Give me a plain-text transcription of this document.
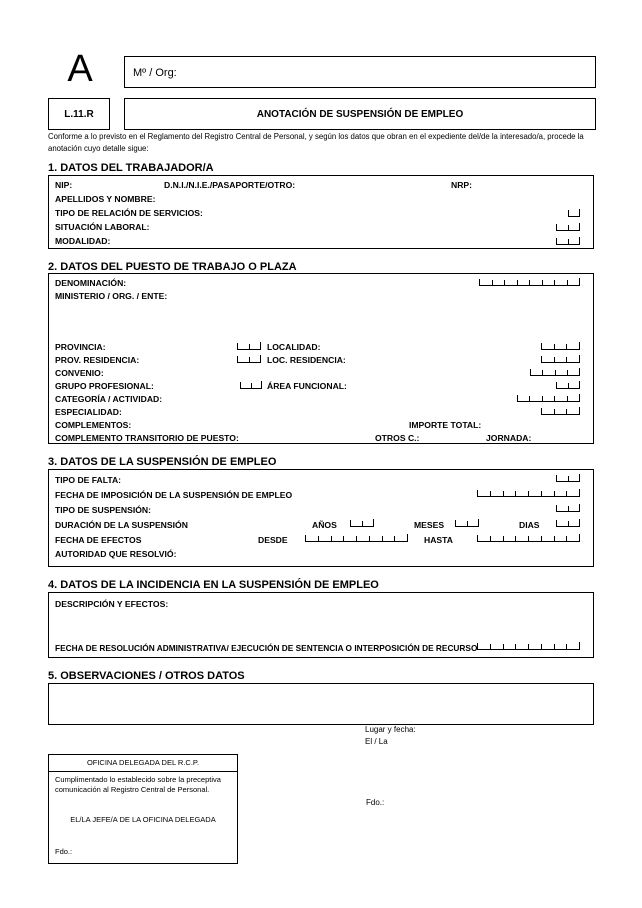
A	Mº / Org:
L.11.R	ANOTACIÓN DE SUSPENSIÓN DE EMPLEO
Conforme a lo previsto en el Reglamento del Registro Central de Personal, y según los datos que obran en el expediente del/de la interesado/a, procede la
anotación cuyo detalle sigue:
1. DATOS DEL TRABAJADOR/A
NIP:	D.N.I./N.I.E./PASAPORTE/OTRO:	NRP:
APELLIDOS Y NOMBRE:
TIPO DE RELACIÓN DE SERVICIOS:
SITUACIÓN LABORAL:
MODALIDAD:
2. DATOS DEL PUESTO DE TRABAJO O PLAZA
DENOMINACIÓN:
MINISTERIO / ORG. / ENTE:
PROVINCIA:	LOCALIDAD:
PROV. RESIDENCIA:	LOC. RESIDENCIA:
CONVENIO:
GRUPO PROFESIONAL:	ÁREA FUNCIONAL:
CATEGORÍA / ACTIVIDAD:
ESPECIALIDAD:
COMPLEMENTOS:	IMPORTE TOTAL:
COMPLEMENTO TRANSITORIO DE PUESTO:	OTROS C.:	JORNADA:
3. DATOS DE LA SUSPENSIÓN DE EMPLEO
TIPO DE FALTA:
FECHA DE IMPOSICIÓN DE LA SUSPENSIÓN DE EMPLEO
TIPO DE SUSPENSIÓN:
DURACIÓN DE LA SUSPENSIÓN	AÑOS	MESES	DIAS
FECHA DE EFECTOS	DESDE	HASTA
AUTORIDAD QUE RESOLVIÓ:
4. DATOS DE LA INCIDENCIA EN LA SUSPENSIÓN DE EMPLEO
DESCRIPCIÓN Y EFECTOS:
FECHA DE RESOLUCIÓN ADMINISTRATIVA/ EJECUCIÓN DE SENTENCIA O INTERPOSICIÓN DE RECURSO
5. OBSERVACIONES / OTROS DATOS
Lugar y fecha:
El / La
Fdo.:
OFICINA DELEGADA DEL R.C.P.
Cumplimentado lo establecido sobre la preceptiva
comunicación al Registro Central de Personal.
EL/LA JEFE/A DE LA OFICINA DELEGADA
Fdo.:
